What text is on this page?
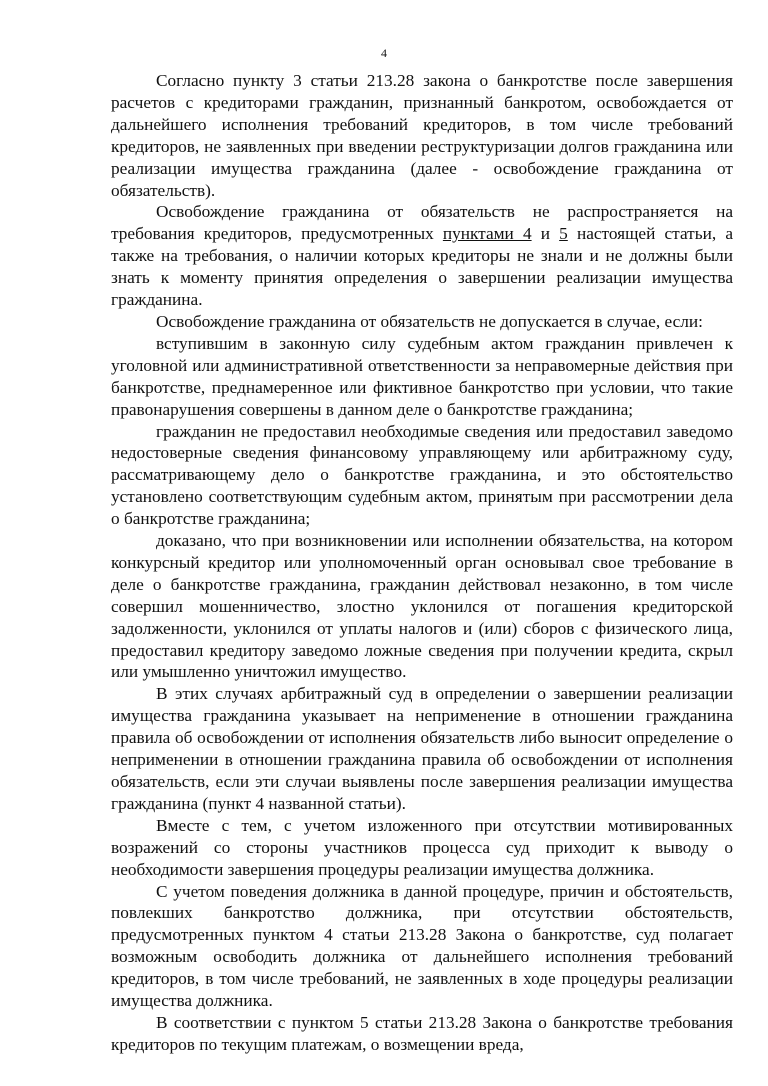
4

Согласно пункту 3 статьи 213.28 закона о банкротстве после завершения расчетов с кредиторами гражданин, признанный банкротом, освобождается от дальнейшего исполнения требований кредиторов, в том числе требований кредиторов, не заявленных при введении реструктуризации долгов гражданина или реализации имущества гражданина (далее - освобождение гражданина от обязательств).

Освобождение гражданина от обязательств не распространяется на требования кредиторов, предусмотренных пунктами 4 и 5 настоящей статьи, а также на требования, о наличии которых кредиторы не знали и не должны были знать к моменту принятия определения о завершении реализации имущества гражданина.

Освобождение гражданина от обязательств не допускается в случае, если:

вступившим в законную силу судебным актом гражданин привлечен к уголовной или административной ответственности за неправомерные действия при банкротстве, преднамеренное или фиктивное банкротство при условии, что такие правонарушения совершены в данном деле о банкротстве гражданина;

гражданин не предоставил необходимые сведения или предоставил заведомо недостоверные сведения финансовому управляющему или арбитражному суду, рассматривающему дело о банкротстве гражданина, и это обстоятельство установлено соответствующим судебным актом, принятым при рассмотрении дела о банкротстве гражданина;

доказано, что при возникновении или исполнении обязательства, на котором конкурсный кредитор или уполномоченный орган основывал свое требование в деле о банкротстве гражданина, гражданин действовал незаконно, в том числе совершил мошенничество, злостно уклонился от погашения кредиторской задолженности, уклонился от уплаты налогов и (или) сборов с физического лица, предоставил кредитору заведомо ложные сведения при получении кредита, скрыл или умышленно уничтожил имущество.

В этих случаях арбитражный суд в определении о завершении реализации имущества гражданина указывает на неприменение в отношении гражданина правила об освобождении от исполнения обязательств либо выносит определение о неприменении в отношении гражданина правила об освобождении от исполнения обязательств, если эти случаи выявлены после завершения реализации имущества гражданина (пункт 4 названной статьи).

Вместе с тем, с учетом изложенного при отсутствии мотивированных возражений со стороны участников процесса суд приходит к выводу о необходимости завершения процедуры реализации имущества должника.

С учетом поведения должника в данной процедуре, причин и обстоятельств, повлекших банкротство должника, при отсутствии обстоятельств, предусмотренных пунктом 4 статьи 213.28 Закона о банкротстве, суд полагает возможным освободить должника от дальнейшего исполнения требований кредиторов, в том числе требований, не заявленных в ходе процедуры реализации имущества должника.

В соответствии с пунктом 5 статьи 213.28 Закона о банкротстве требования кредиторов по текущим платежам, о возмещении вреда,
